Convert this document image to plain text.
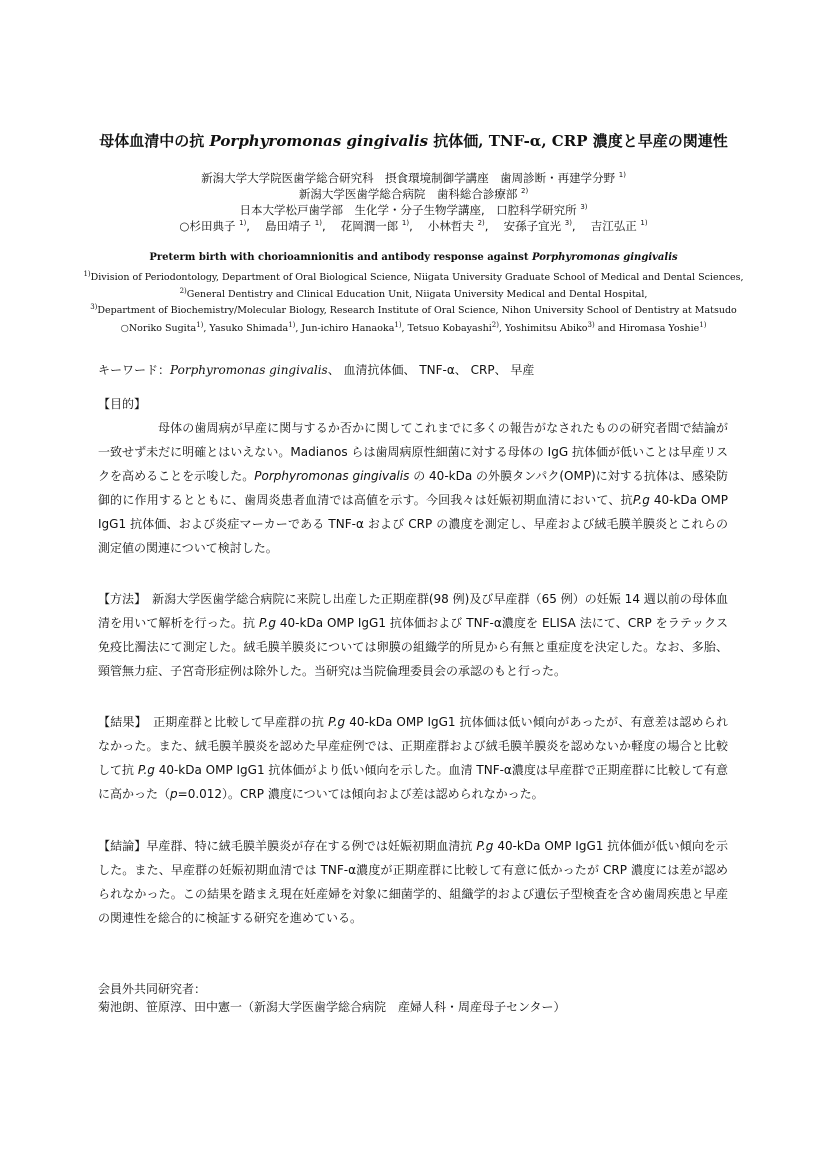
母体血清中の抗 Porphyromonas gingivalis 抗体価, TNF-α, CRP 濃度と早産の関連性
新潟大学大学院医歯学総合研究科　摂食環境制御学講座　歯周診断・再建学分野 $^{1)}$
新潟大学医歯学総合病院　歯科総合診療部 $^{2)}$
日本大学松戸歯学部　生化学・分子生物学講座,　口腔科学研究所 $^{3)}$
○杉田典子 $^{1)}$,　 島田靖子 $^{1)}$,　 花岡潤一郎 $^{1)}$,　 小林哲夫 $^{2)}$,　 安孫子宜光 $^{3)}$,　 吉江弘正 $^{1)}$
Preterm birth with chorioamnionitis and antibody response against Porphyromonas gingivalis
$^{1)}$Division of Periodontology, Department of Oral Biological Science, Niigata University Graduate School of Medical and Dental Sciences,
$^{2)}$General Dentistry and Clinical Education Unit, Niigata University Medical and Dental Hospital,
$^{3)}$Department of Biochemistry/Molecular Biology, Research Institute of Oral Science, Nihon University School of Dentistry at Matsudo
○Noriko Sugita$^{1)}$, Yasuko Shimada$^{1)}$, Jun-ichiro Hanaoka$^{1)}$, Tetsuo Kobayashi$^{2)}$, Yoshimitsu Abiko$^{3)}$ and Hiromasa Yoshie$^{1)}$
キーワード：Porphyromonas gingivalis、 血清抗体価、 TNF-α、 CRP、 早産
【目的】
母体の歯周病が早産に関与するか否かに関してこれまでに多くの報告がなされたものの研究者間で結論が一致せず未だに明確とはいえない。Madianos らは歯周病原性細菌に対する母体の IgG 抗体価が低いことは早産リスクを高めることを示唆した。Porphyromonas gingivalis の 40-kDa の外膜タンパク(OMP)に対する抗体は、感染防御的に作用するとともに、歯周炎患者血清では高値を示す。今回我々は妊娠初期血清において、抗P.g 40-kDa OMP IgG1 抗体価、および炎症マーカーである TNF-α および CRP の濃度を測定し、早産および絨毛膜羊膜炎とこれらの測定値の関連について検討した。
【方法】　新潟大学医歯学総合病院に来院し出産した正期産群(98 例)及び早産群（65 例）の妊娠 14 週以前の母体血清を用いて解析を行った。抗 P.g 40-kDa OMP IgG1 抗体価および TNF-α濃度を ELISA 法にて、CRP をラテックス免疫比濁法にて測定した。絨毛膜羊膜炎については卵膜の組織学的所見から有無と重症度を決定した。なお、多胎、頸管無力症、子宮奇形症例は除外した。当研究は当院倫理委員会の承認のもと行った。
【結果】　正期産群と比較して早産群の抗 P.g 40-kDa OMP IgG1 抗体価は低い傾向があったが、有意差は認められなかった。また、絨毛膜羊膜炎を認めた早産症例では、正期産群および絨毛膜羊膜炎を認めないか軽度の場合と比較して抗 P.g 40-kDa OMP IgG1 抗体価がより低い傾向を示した。血清 TNF-α濃度は早産群で正期産群に比較して有意に高かった（p=0.012）。CRP 濃度については傾向および差は認められなかった。
【結論】早産群、特に絨毛膜羊膜炎が存在する例では妊娠初期血清抗 P.g 40-kDa OMP IgG1 抗体価が低い傾向を示した。また、早産群の妊娠初期血清では TNF-α濃度が正期産群に比較して有意に低かったが CRP 濃度には差が認められなかった。この結果を踏まえ現在妊産婦を対象に細菌学的、組織学的および遺伝子型検査を含め歯周疾患と早産の関連性を総合的に検証する研究を進めている。
会員外共同研究者：
菊池朗、笹原淳、田中憲一（新潟大学医歯学総合病院　産婦人科・周産母子センター）
